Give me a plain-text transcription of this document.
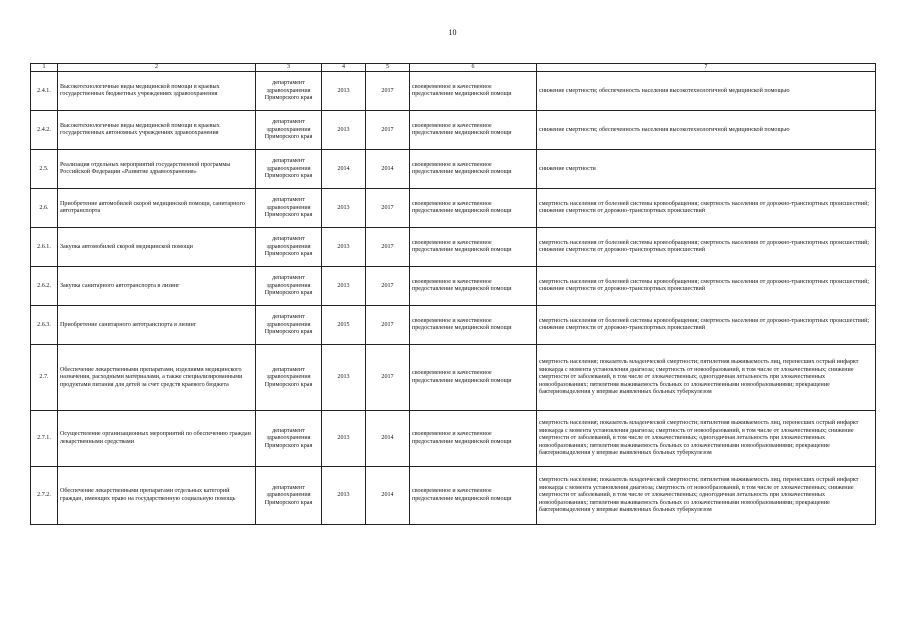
10
1	2	3	4	5	6	7
2.4.1.	Высокотехнологичные виды медицинской помощи в краевых государственных бюджетных учреждениях здравоохранения	департамент здравоохранения Приморского края	2013	2017	своевременное и качественное предоставление медицинской помощи	снижение смертности; обеспеченность населения высокотехнологичной медицинской помощью
2.4.2.	Высокотехнологичные виды медицинской помощи в краевых государственных автономных учреждениях здравоохранения	департамент здравоохранения Приморского края	2013	2017	своевременное и качественное предоставление медицинской помощи	снижение смертности; обеспеченность населения высокотехнологичной медицинской помощью
2.5.	Реализация отдельных мероприятий государственной программы Российской Федерации «Развитие здравоохранения»	департамент здравоохранения Приморского края	2014	2014	своевременное и качественное предоставление медицинской помощи	снижение смертности
2.6.	Приобретение автомобилей скорой медицинской помощи, санитарного автотранспорта	департамент здравоохранения Приморского края	2013	2017	своевременное и качественное предоставление медицинской помощи	смертность населения от болезней системы кровообращения; смертность населения от дорожно-транспортных происшествий; снижение смертности от дорожно-транспортных происшествий
2.6.1.	Закупка автомобилей скорой медицинской помощи	департамент здравоохранения Приморского края	2013	2017	своевременное и качественное предоставление медицинской помощи	смертность населения от болезней системы кровообращения; смертность населения от дорожно-транспортных происшествий; снижение смертности от дорожно-транспортных происшествий
2.6.2.	Закупка санитарного автотранспорта в лизинг	департамент здравоохранения Приморского края	2013	2017	своевременное и качественное предоставление медицинской помощи	смертность населения от болезней системы кровообращения; смертность населения от дорожно-транспортных происшествий; снижение смертности от дорожно-транспортных происшествий
2.6.3.	Приобретение санитарного автотранспорта в лизинг	департамент здравоохранения Приморского края	2015	2017	своевременное и качественное предоставление медицинской помощи	смертность населения от болезней системы кровообращения; смертность населения от дорожно-транспортных происшествий; снижение смертности от дорожно-транспортных происшествий
2.7.	Обеспечение лекарственными препаратами, изделиями медицинского назначения, расходными материалами, а также специализированными продуктами питания для детей за счет средств краевого бюджета	департамент здравоохранения Приморского края	2013	2017	своевременное и качественное предоставление медицинской помощи	смертность населения; показатель младенческой смертности; пятилетняя выживаемость лиц, перенесших острый инфаркт миокарда с момента установления диагноза; смертность от новообразований, в том числе от злокачественных; снижение смертности от заболеваний, в том числе от злокачественных; одногодичная летальность при злокачественных новообразованиях; пятилетняя выживаемость больных со злокачественными новообразованиями; прекращение бактериовыделения у впервые выявленных больных туберкулезом
2.7.1.	Осуществление организационных мероприятий по обеспечению граждан лекарственными средствами	департамент здравоохранения Приморского края	2013	2014	своевременное и качественное предоставление медицинской помощи	смертность населения; показатель младенческой смертности; пятилетняя выживаемость лиц, перенесших острый инфаркт миокарда с момента установления диагноза; смертность от новообразований, в том числе от злокачественных; снижение смертности от заболеваний, в том числе от злокачественных; одногодичная летальность при злокачественных новообразованиях; пятилетняя выживаемость больных со злокачественными новообразованиями; прекращение бактериовыделения у впервые выявленных больных туберкулезом
2.7.2.	Обеспечение лекарственными препаратами отдельных категорий граждан, имеющих право на государственную социальную помощь	департамент здравоохранения Приморского края	2013	2014	своевременное и качественное предоставление медицинской помощи	смертность населения; показатель младенческой смертности; пятилетняя выживаемость лиц, перенесших острый инфаркт миокарда с момента установления диагноза; смертность от новообразований, в том числе от злокачественных; снижение смертности от заболеваний, в том числе от злокачественных; одногодичная летальность при злокачественных новообразованиях; пятилетняя выживаемость больных со злокачественными новообразованиями; прекращение бактериовыделения у впервые выявленных больных туберкулезом
